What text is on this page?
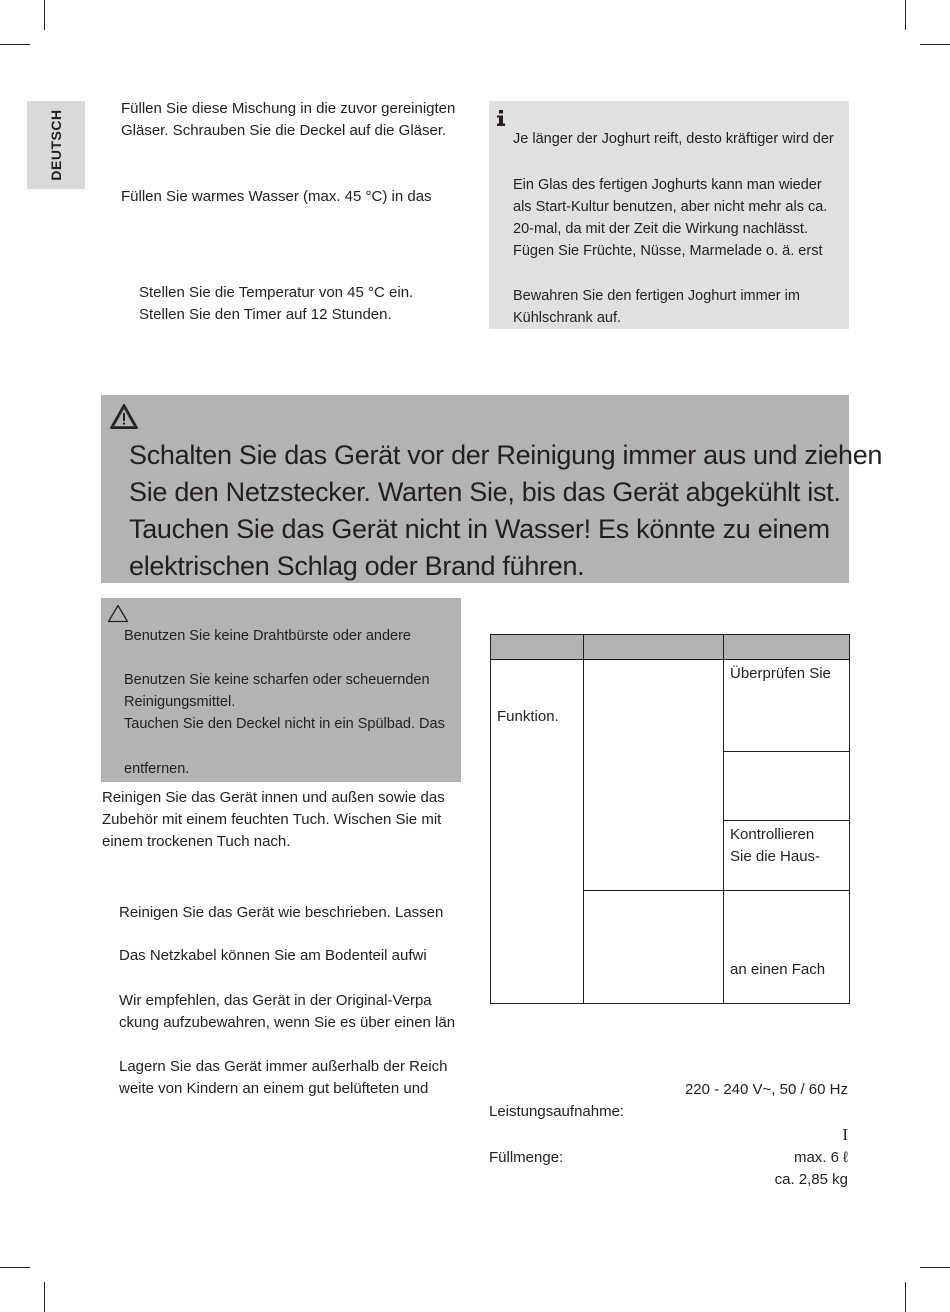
DEUTSCH
Füllen Sie diese Mischung in die zuvor gereinigten
Gläser. Schrauben Sie die Deckel auf die Gläser.
Füllen Sie warmes Wasser (max. 45 °C) in das
Stellen Sie die Temperatur von 45 °C ein.
Stellen Sie den Timer auf 12 Stunden.
Je länger der Joghurt reift, desto kräftiger wird der
Ein Glas des fertigen Joghurts kann man wieder
als Start-Kultur benutzen, aber nicht mehr als ca.
20-mal, da mit der Zeit die Wirkung nachlässt.
Fügen Sie Früchte, Nüsse, Marmelade o. ä. erst
Bewahren Sie den fertigen Joghurt immer im
Kühlschrank auf.
Schalten Sie das Gerät vor der Reinigung immer aus und ziehen
Sie den Netzstecker. Warten Sie, bis das Gerät abgekühlt ist.
Tauchen Sie das Gerät nicht in Wasser! Es könnte zu einem
elektrischen Schlag oder Brand führen.
Benutzen Sie keine Drahtbürste oder andere
Benutzen Sie keine scharfen oder scheuernden
Reinigungsmittel.
Tauchen Sie den Deckel nicht in ein Spülbad. Das
entfernen.
Reinigen Sie das Gerät innen und außen sowie das
Zubehör mit einem feuchten Tuch. Wischen Sie mit
einem trockenen Tuch nach.
Reinigen Sie das Gerät wie beschrieben. Lassen
Das Netzkabel können Sie am Bodenteil aufwi
Wir empfehlen, das Gerät in der Original-Verpa
ckung aufzubewahren, wenn Sie es über einen län
Lagern Sie das Gerät immer außerhalb der Reich
weite von Kindern an einem gut belüfteten und

Funktion.		Überprüfen Sie

		Kontrollieren
Sie die Haus-

		an einen Fach
220 - 240 V~, 50 / 60 Hz
Leistungsaufnahme:
I
Füllmenge:	max. 6 ℓ
ca. 2,85 kg
